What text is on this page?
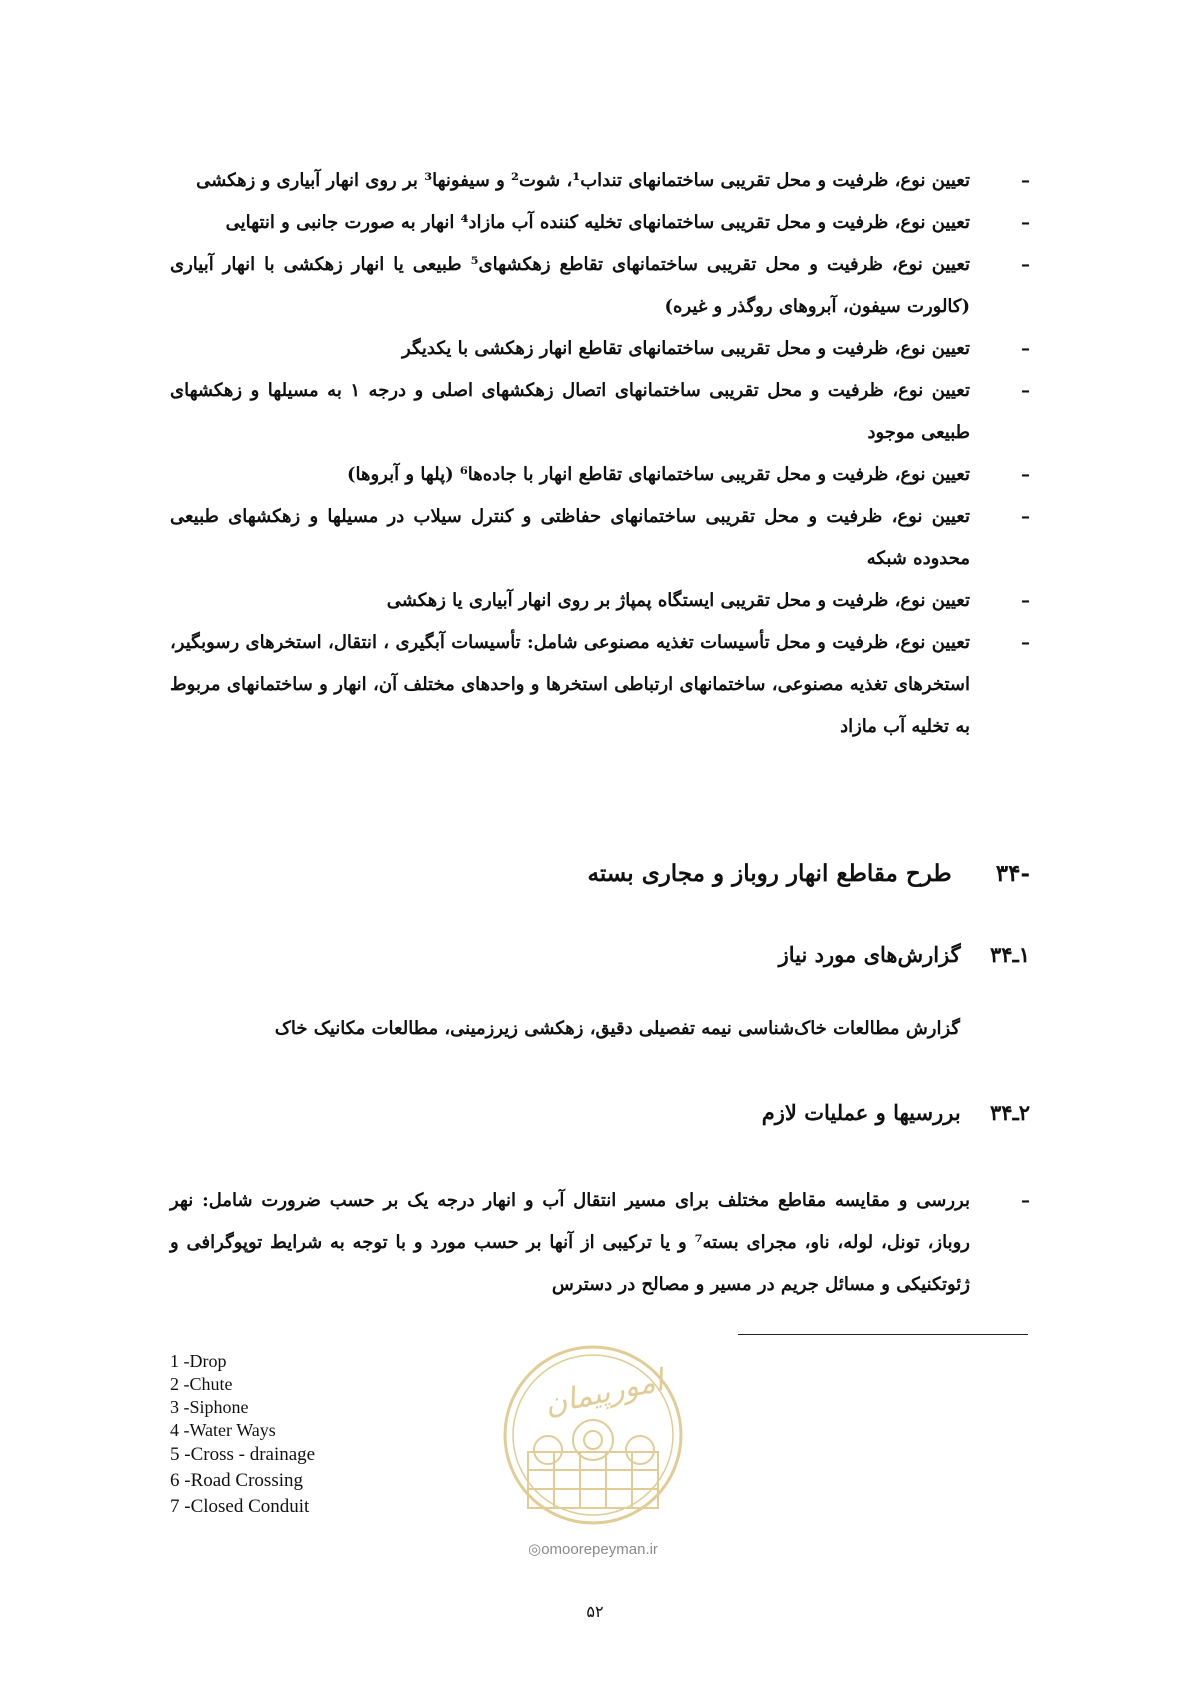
–
تعیین نوع، ظرفیت و محل تقریبی ساختمانهای تنداب¹، شوت² و سیفونها³ بر روی انهار آبیاری و زهکشی
–
تعیین نوع، ظرفیت و محل تقریبی ساختمانهای تخلیه کننده آب مازاد⁴ انهار به صورت جانبی و انتهایی
–
تعیین نوع، ظرفیت و محل تقریبی ساختمانهای تقاطع زهکشهای⁵ طبیعی یا انهار زهکشی با انهار آبیاری (کالورت سیفون، آبروهای روگذر و غیره)
–
تعیین نوع، ظرفیت و محل تقریبی ساختمانهای تقاطع انهار زهکشی با یکدیگر
–
تعیین نوع، ظرفیت و محل تقریبی ساختمانهای اتصال زهکشهای اصلی و درجه ۱ به مسیلها و زهکشهای طبیعی موجود
–
تعیین نوع، ظرفیت و محل تقریبی ساختمانهای تقاطع انهار با جاده‌ها⁶ (پلها و آبروها)
–
تعیین نوع، ظرفیت و محل تقریبی ساختمانهای حفاظتی و کنترل سیلاب در مسیلها و زهکشهای طبیعی محدوده شبکه
–
تعیین نوع، ظرفیت و محل تقریبی ایستگاه پمپاژ بر روی انهار آبیاری یا زهکشی
–
تعیین نوع، ظرفیت و محل تأسیسات تغذیه مصنوعی شامل: تأسیسات آبگیری ، انتقال، استخرهای رسوبگیر، استخرهای تغذیه مصنوعی، ساختمانهای ارتباطی استخرها و واحدهای مختلف آن، انهار و ساختمانهای مربوط به تخلیه آب مازاد
-۳۴ طرح مقاطع انهار روباز و مجاری بسته
۱ـ۳۴ گزارش‌های مورد نیاز
گزارش مطالعات خاک‌شناسی نیمه تفصیلی دقیق، زهکشی زیرزمینی، مطالعات مکانیک خاک
۲ـ۳۴ بررسیها و عملیات لازم
–
بررسی و مقایسه مقاطع مختلف برای مسیر انتقال آب و انهار درجه یک بر حسب ضرورت شامل: نهر روباز، تونل، لوله، ناو، مجرای بسته⁷ و یا ترکیبی از آنها بر حسب مورد و با توجه به شرایط توپوگرافی و ژئوتکنیکی و مسائل جریم در مسیر و مصالح در دسترس
1 -Drop
2 -Chute
3 -Siphone
4 -Water Ways
5 -Cross - drainage
6 -Road Crossing
7 -Closed Conduit
امورپیمان
◎omoorepeyman.ir
۵۲
